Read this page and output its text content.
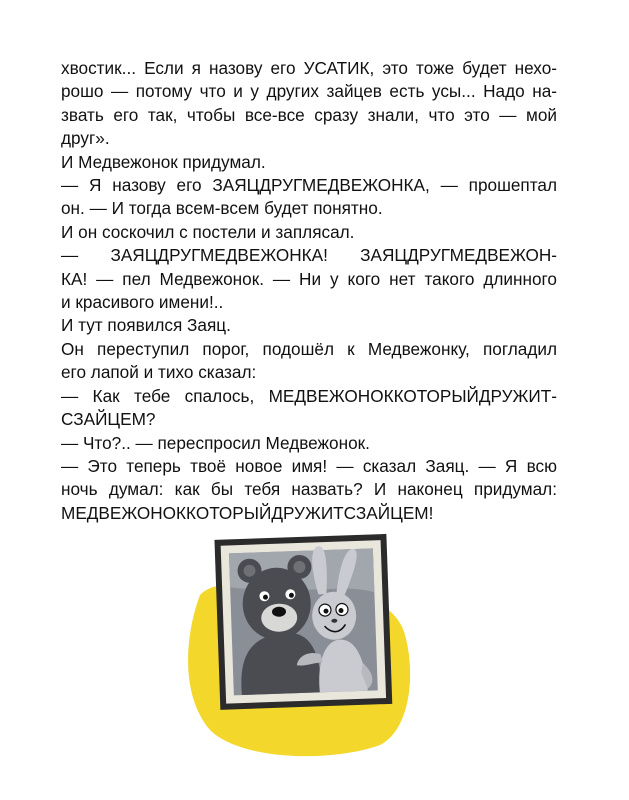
хвостик... Если я назову его УСАТИК, это тоже будет нехо-
рошо — потому что и у других зайцев есть усы... Надо на-
звать его так, чтобы все-все сразу знали, что это — мой
друг».
И Медвежонок придумал.
— Я назову его ЗАЯЦДРУГМЕДВЕЖОНКА, — прошептал
он. — И тогда всем-всем будет понятно.
И он соскочил с постели и заплясал.
— ЗАЯЦДРУГМЕДВЕЖОНКА! ЗАЯЦДРУГМЕДВЕЖОН-
КА! — пел Медвежонок. — Ни у кого нет такого длинного
и красивого имени!..
И тут появился Заяц.
Он переступил порог, подошёл к Медвежонку, погладил
его лапой и тихо сказал:
— Как тебе спалось, МЕДВЕЖОНОККОТОРЫЙДРУЖИТ-
СЗАЙЦЕМ?
— Что?.. — переспросил Медвежонок.
— Это теперь твоё новое имя! — сказал Заяц. — Я всю
ночь думал: как бы тебя назвать? И наконец придумал:
МЕДВЕЖОНОККОТОРЫЙДРУЖИТСЗАЙЦЕМ!
